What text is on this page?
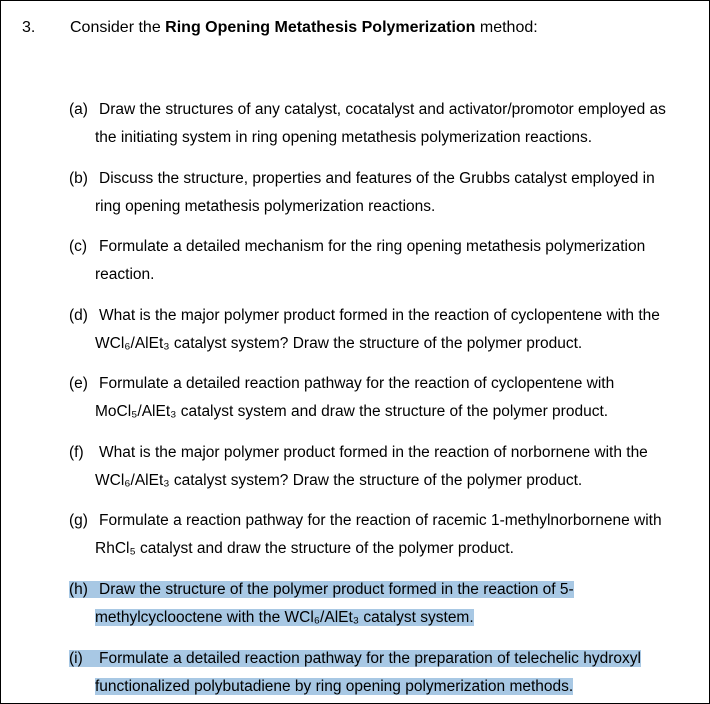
3. Consider the Ring Opening Metathesis Polymerization method:
(a) Draw the structures of any catalyst, cocatalyst and activator/promotor employed as
the initiating system in ring opening metathesis polymerization reactions.
(b) Discuss the structure, properties and features of the Grubbs catalyst employed in
ring opening metathesis polymerization reactions.
(c) Formulate a detailed mechanism for the ring opening metathesis polymerization
reaction.
(d) What is the major polymer product formed in the reaction of cyclopentene with the
WCl₆/AlEt₃ catalyst system? Draw the structure of the polymer product.
(e) Formulate a detailed reaction pathway for the reaction of cyclopentene with
MoCl₅/AlEt₃ catalyst system and draw the structure of the polymer product.
(f) What is the major polymer product formed in the reaction of norbornene with the
WCl₆/AlEt₃ catalyst system? Draw the structure of the polymer product.
(g) Formulate a reaction pathway for the reaction of racemic 1-methylnorbornene with
RhCl₅ catalyst and draw the structure of the polymer product.
(h) Draw the structure of the polymer product formed in the reaction of 5-
methylcyclooctene with the WCl₆/AlEt₃ catalyst system.
(i) Formulate a detailed reaction pathway for the preparation of telechelic hydroxyl
functionalized polybutadiene by ring opening polymerization methods.
